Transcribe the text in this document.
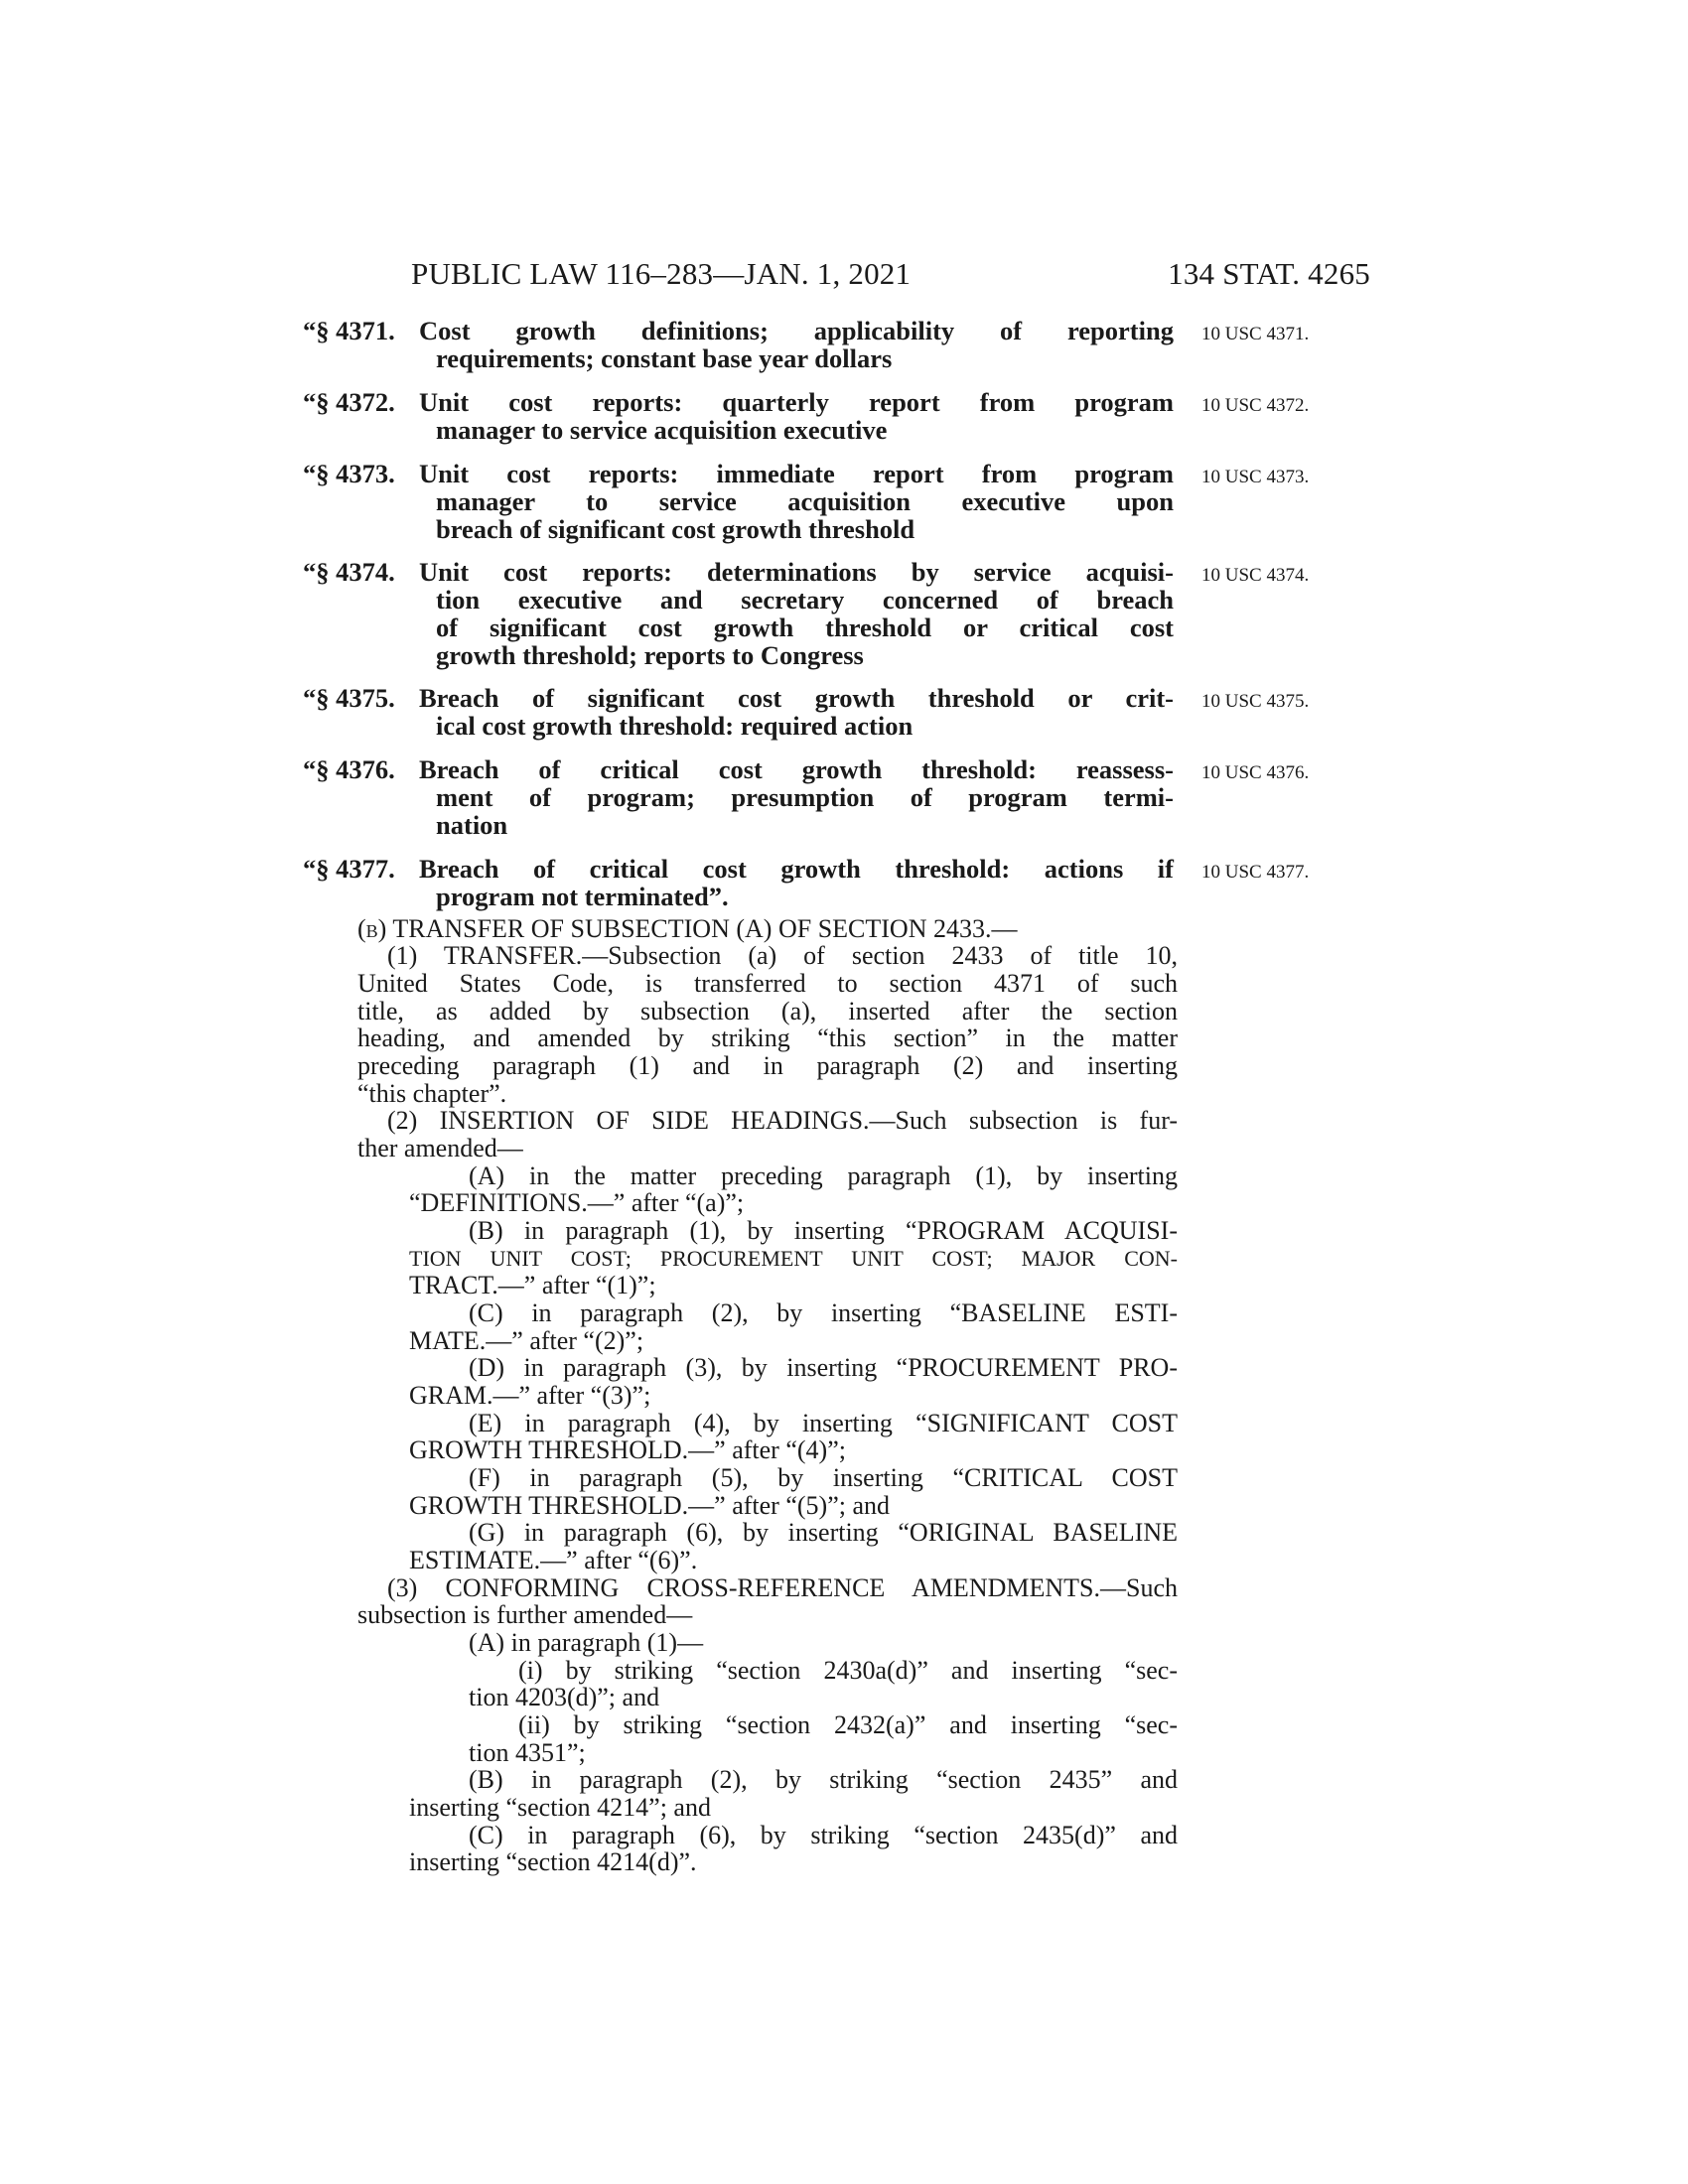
PUBLIC LAW 116–283—JAN. 1, 2021	134 STAT. 4265
“§ 4371. Cost growth definitions; applicability of reporting
requirements; constant base year dollars
10 USC 4371.
“§ 4372. Unit cost reports: quarterly report from program
manager to service acquisition executive
10 USC 4372.
“§ 4373. Unit cost reports: immediate report from program
manager to service acquisition executive upon
breach of significant cost growth threshold
10 USC 4373.
“§ 4374. Unit cost reports: determinations by service acquisi-
tion executive and secretary concerned of breach
of significant cost growth threshold or critical cost
growth threshold; reports to Congress
10 USC 4374.
“§ 4375. Breach of significant cost growth threshold or crit-
ical cost growth threshold: required action
10 USC 4375.
“§ 4376. Breach of critical cost growth threshold: reassess-
ment of program; presumption of program termi-
nation
10 USC 4376.
“§ 4377. Breach of critical cost growth threshold: actions if
program not terminated”.
10 USC 4377.
(b) TRANSFER OF SUBSECTION (A) OF SECTION 2433.—
(1) TRANSFER.—Subsection (a) of section 2433 of title 10,
United States Code, is transferred to section 4371 of such
title, as added by subsection (a), inserted after the section
heading, and amended by striking “this section” in the matter
preceding paragraph (1) and in paragraph (2) and inserting
“this chapter”.
(2) INSERTION OF SIDE HEADINGS.—Such subsection is fur-
ther amended—
(A) in the matter preceding paragraph (1), by inserting
“DEFINITIONS.—” after “(a)”;
(B) in paragraph (1), by inserting “PROGRAM ACQUISI-
TION UNIT COST; PROCUREMENT UNIT COST; MAJOR CON-
TRACT.—” after “(1)”;
(C) in paragraph (2), by inserting “BASELINE ESTI-
MATE.—” after “(2)”;
(D) in paragraph (3), by inserting “PROCUREMENT PRO-
GRAM.—” after “(3)”;
(E) in paragraph (4), by inserting “SIGNIFICANT COST
GROWTH THRESHOLD.—” after “(4)”;
(F) in paragraph (5), by inserting “CRITICAL COST
GROWTH THRESHOLD.—” after “(5)”; and
(G) in paragraph (6), by inserting “ORIGINAL BASELINE
ESTIMATE.—” after “(6)”.
(3) CONFORMING CROSS-REFERENCE AMENDMENTS.—Such
subsection is further amended—
(A) in paragraph (1)—
(i) by striking “section 2430a(d)” and inserting “sec-
tion 4203(d)”; and
(ii) by striking “section 2432(a)” and inserting “sec-
tion 4351”;
(B) in paragraph (2), by striking “section 2435” and
inserting “section 4214”; and
(C) in paragraph (6), by striking “section 2435(d)” and
inserting “section 4214(d)”.
